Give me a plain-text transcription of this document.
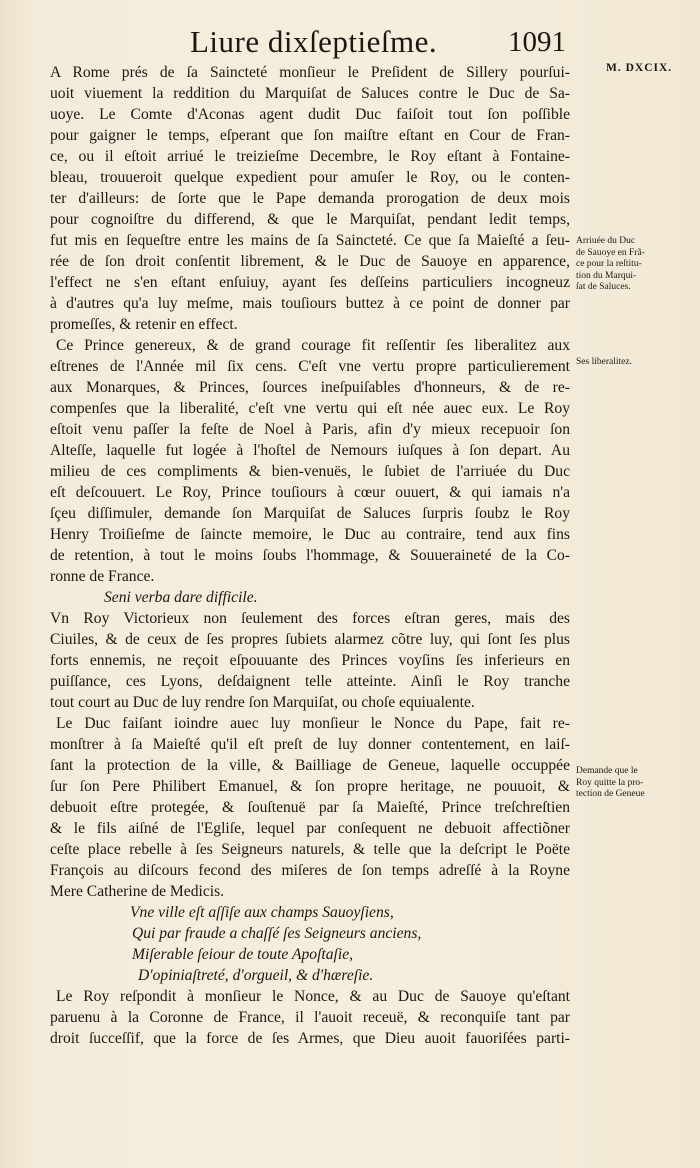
Liure dixſeptieſme. 1091
M. DXCIX.
A Rome prés de ſa Saincteté monſieur le Preſident de Sillery pourſui-
uoit viuement la reddition du Marquiſat de Saluces contre le Duc de Sa-
uoye. Le Comte d'Aconas agent dudit Duc faiſoit tout ſon poſſible
pour gaigner le temps, eſperant que ſon maiſtre eſtant en Cour de Fran-
ce, ou il eſtoit arriué le treizieſme Decembre, le Roy eſtant à Fontaine-
bleau, trouueroit quelque expedient pour amuſer le Roy, ou le conten-
ter d'ailleurs: de ſorte que le Pape demanda prorogation de deux mois
pour cognoiſtre du differend, & que le Marquiſat, pendant ledit temps,
fut mis en ſequeſtre entre les mains de ſa Saincteté. Ce que ſa Maieſté a ſeu-
rée de ſon droit conſentit librement, & le Duc de Sauoye en apparence,
l'effect ne s'en eſtant enſuiuy, ayant ſes deſſeins particuliers incogneuz
à d'autres qu'a luy meſme, mais touſiours buttez à ce point de donner par
promeſſes, & retenir en effect.
Ce Prince genereux, & de grand courage fit reſſentir ſes liberalitez aux
eſtrenes de l'Année mil ſix cens. C'eſt vne vertu propre particulierement
aux Monarques, & Princes, ſources ineſpuiſables d'honneurs, & de re-
compenſes que la liberalité, c'eſt vne vertu qui eſt née auec eux. Le Roy
eſtoit venu paſſer la feſte de Noel à Paris, afin d'y mieux recepuoir ſon
Alteſſe, laquelle fut logée à l'hoſtel de Nemours iuſques à ſon depart. Au
milieu de ces compliments & bien-venuës, le ſubiet de l'arriuée du Duc
eſt deſcouuert. Le Roy, Prince touſiours à cœur ouuert, & qui iamais n'a
ſçeu diſſimuler, demande ſon Marquiſat de Saluces ſurpris ſoubz le Roy
Henry Troiſieſme de ſaincte memoire, le Duc au contraire, tend aux fins
de retention, à tout le moins ſoubs l'hommage, & Souueraineté de la Co-
ronne de France.
Seni verba dare difficile.
Vn Roy Victorieux non ſeulement des forces eſtran geres, mais des
Ciuiles, & de ceux de ſes propres ſubiets alarmez cõtre luy, qui ſont ſes plus
forts ennemis, ne reçoit eſpouuante des Princes voyſins ſes inferieurs en
puiſſance, ces Lyons, deſdaignent telle atteinte. Ainſi le Roy tranche
tout court au Duc de luy rendre ſon Marquiſat, ou choſe equiualente.
Le Duc faiſant ioindre auec luy monſieur le Nonce du Pape, fait re-
monſtrer à ſa Maieſté qu'il eſt preſt de luy donner contentement, en laiſ-
ſant la protection de la ville, & Bailliage de Geneue, laquelle occuppée
ſur ſon Pere Philibert Emanuel, & ſon propre heritage, ne pouuoit, &
debuoit eſtre protegée, & ſouſtenuë par ſa Maieſté, Prince treſchreſtien
& le fils aiſné de l'Egliſe, lequel par conſequent ne debuoit affectiõner
ceſte place rebelle à ſes Seigneurs naturels, & telle que la deſcript le Poëte
François au diſcours fecond des miſeres de ſon temps adreſſé à la Royne
Mere Catherine de Medicis.
Vne ville eſt aſſiſe aux champs Sauoyſiens,
Qui par fraude a chaſſé ſes Seigneurs anciens,
Miſerable ſeiour de toute Apoſtaſie,
D'opiniaſtreté, d'orgueil, & d'hæreſie.
Le Roy reſpondit à monſieur le Nonce, & au Duc de Sauoye qu'eſtant
paruenu à la Coronne de France, il l'auoit receuë, & reconquiſe tant par
droit ſucceſſif, que la force de ſes Armes, que Dieu auoit fauoriſées parti-
Arriuée du Duc
de Sauoye en Frã-
ce pour la reſtitu-
tion du Marqui-
ſat de Saluces.
Ses liberalitez.
Demande que le
Roy quitte la pro-
tection de Geneue
